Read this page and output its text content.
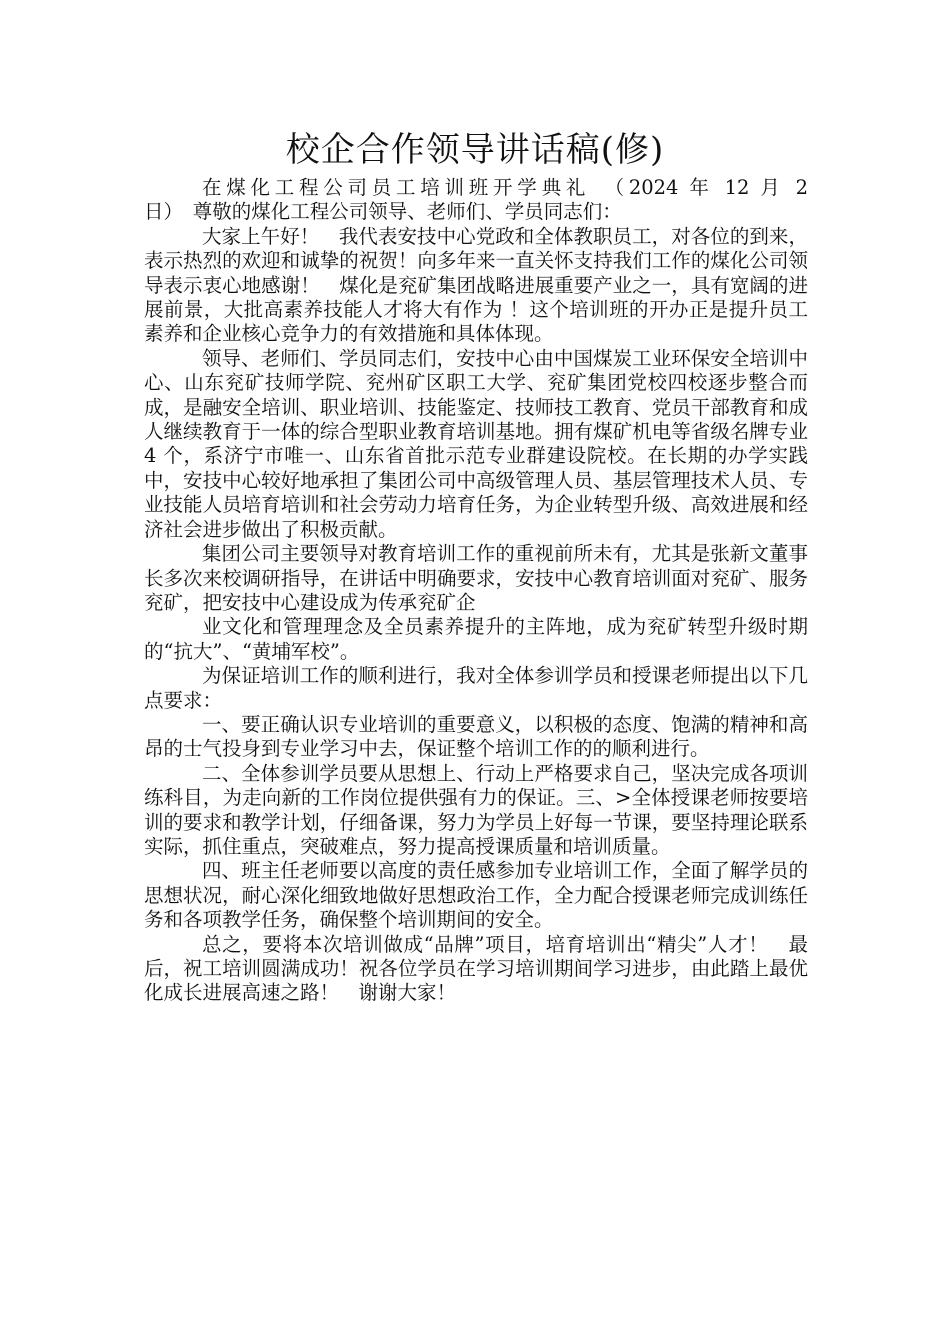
校企合作领导讲话稿(修)

在煤化工程公司员工培训班开学典礼　（2024 年 12 月 2

日）　尊敬的煤化工程公司领导、老师们、学员同志们：

大家上午好！　我代表安技中心党政和全体教职员工，对各位的到来，表示热烈的欢迎和诚挚的祝贺！向多年来一直关怀支持我们工作的煤化公司领导表示衷心地感谢！　煤化是兖矿集团战略进展重要产业之一，具有宽阔的进展前景，大批高素养技能人才将大有作为 ！这个培训班的开办正是提升员工素养和企业核心竞争力的有效措施和具体体现。

领导、老师们、学员同志们，安技中心由中国煤炭工业环保安全培训中心、山东兖矿技师学院、兖州矿区职工大学、兖矿集团党校四校逐步整合而成，是融安全培训、职业培训、技能鉴定、技师技工教育、党员干部教育和成人继续教育于一体的综合型职业教育培训基地。拥有煤矿机电等省级名牌专业 4 个，系济宁市唯一、山东省首批示范专业群建设院校。在长期的办学实践中，安技中心较好地承担了集团公司中高级管理人员、基层管理技术人员、专业技能人员培育培训和社会劳动力培育任务，为企业转型升级、高效进展和经济社会进步做出了积极贡献。

集团公司主要领导对教育培训工作的重视前所未有，尤其是张新文董事长多次来校调研指导，在讲话中明确要求，安技中心教育培训面对兖矿、服务兖矿，把安技中心建设成为传承兖矿企

业文化和管理理念及全员素养提升的主阵地，成为兖矿转型升级时期的“抗大”、“黄埔军校”。

为保证培训工作的顺利进行，我对全体参训学员和授课老师提出以下几点要求：

一、要正确认识专业培训的重要意义，以积极的态度、饱满的精神和高昂的士气投身到专业学习中去，保证整个培训工作的的顺利进行。

二、全体参训学员要从思想上、行动上严格要求自己，坚决完成各项训练科目，为走向新的工作岗位提供强有力的保证。三、>全体授课老师按要培训的要求和教学计划，仔细备课，努力为学员上好每一节课，要坚持理论联系实际，抓住重点，突破难点，努力提高授课质量和培训质量。

四、班主任老师要以高度的责任感参加专业培训工作，全面了解学员的思想状况，耐心深化细致地做好思想政治工作，全力配合授课老师完成训练任务和各项教学任务，确保整个培训期间的安全。

总之，要将本次培训做成“品牌”项目，培育培训出“精尖”人才！　最后，祝工培训圆满成功！祝各位学员在学习培训期间学习进步，由此踏上最优化成长进展高速之路！　谢谢大家！
